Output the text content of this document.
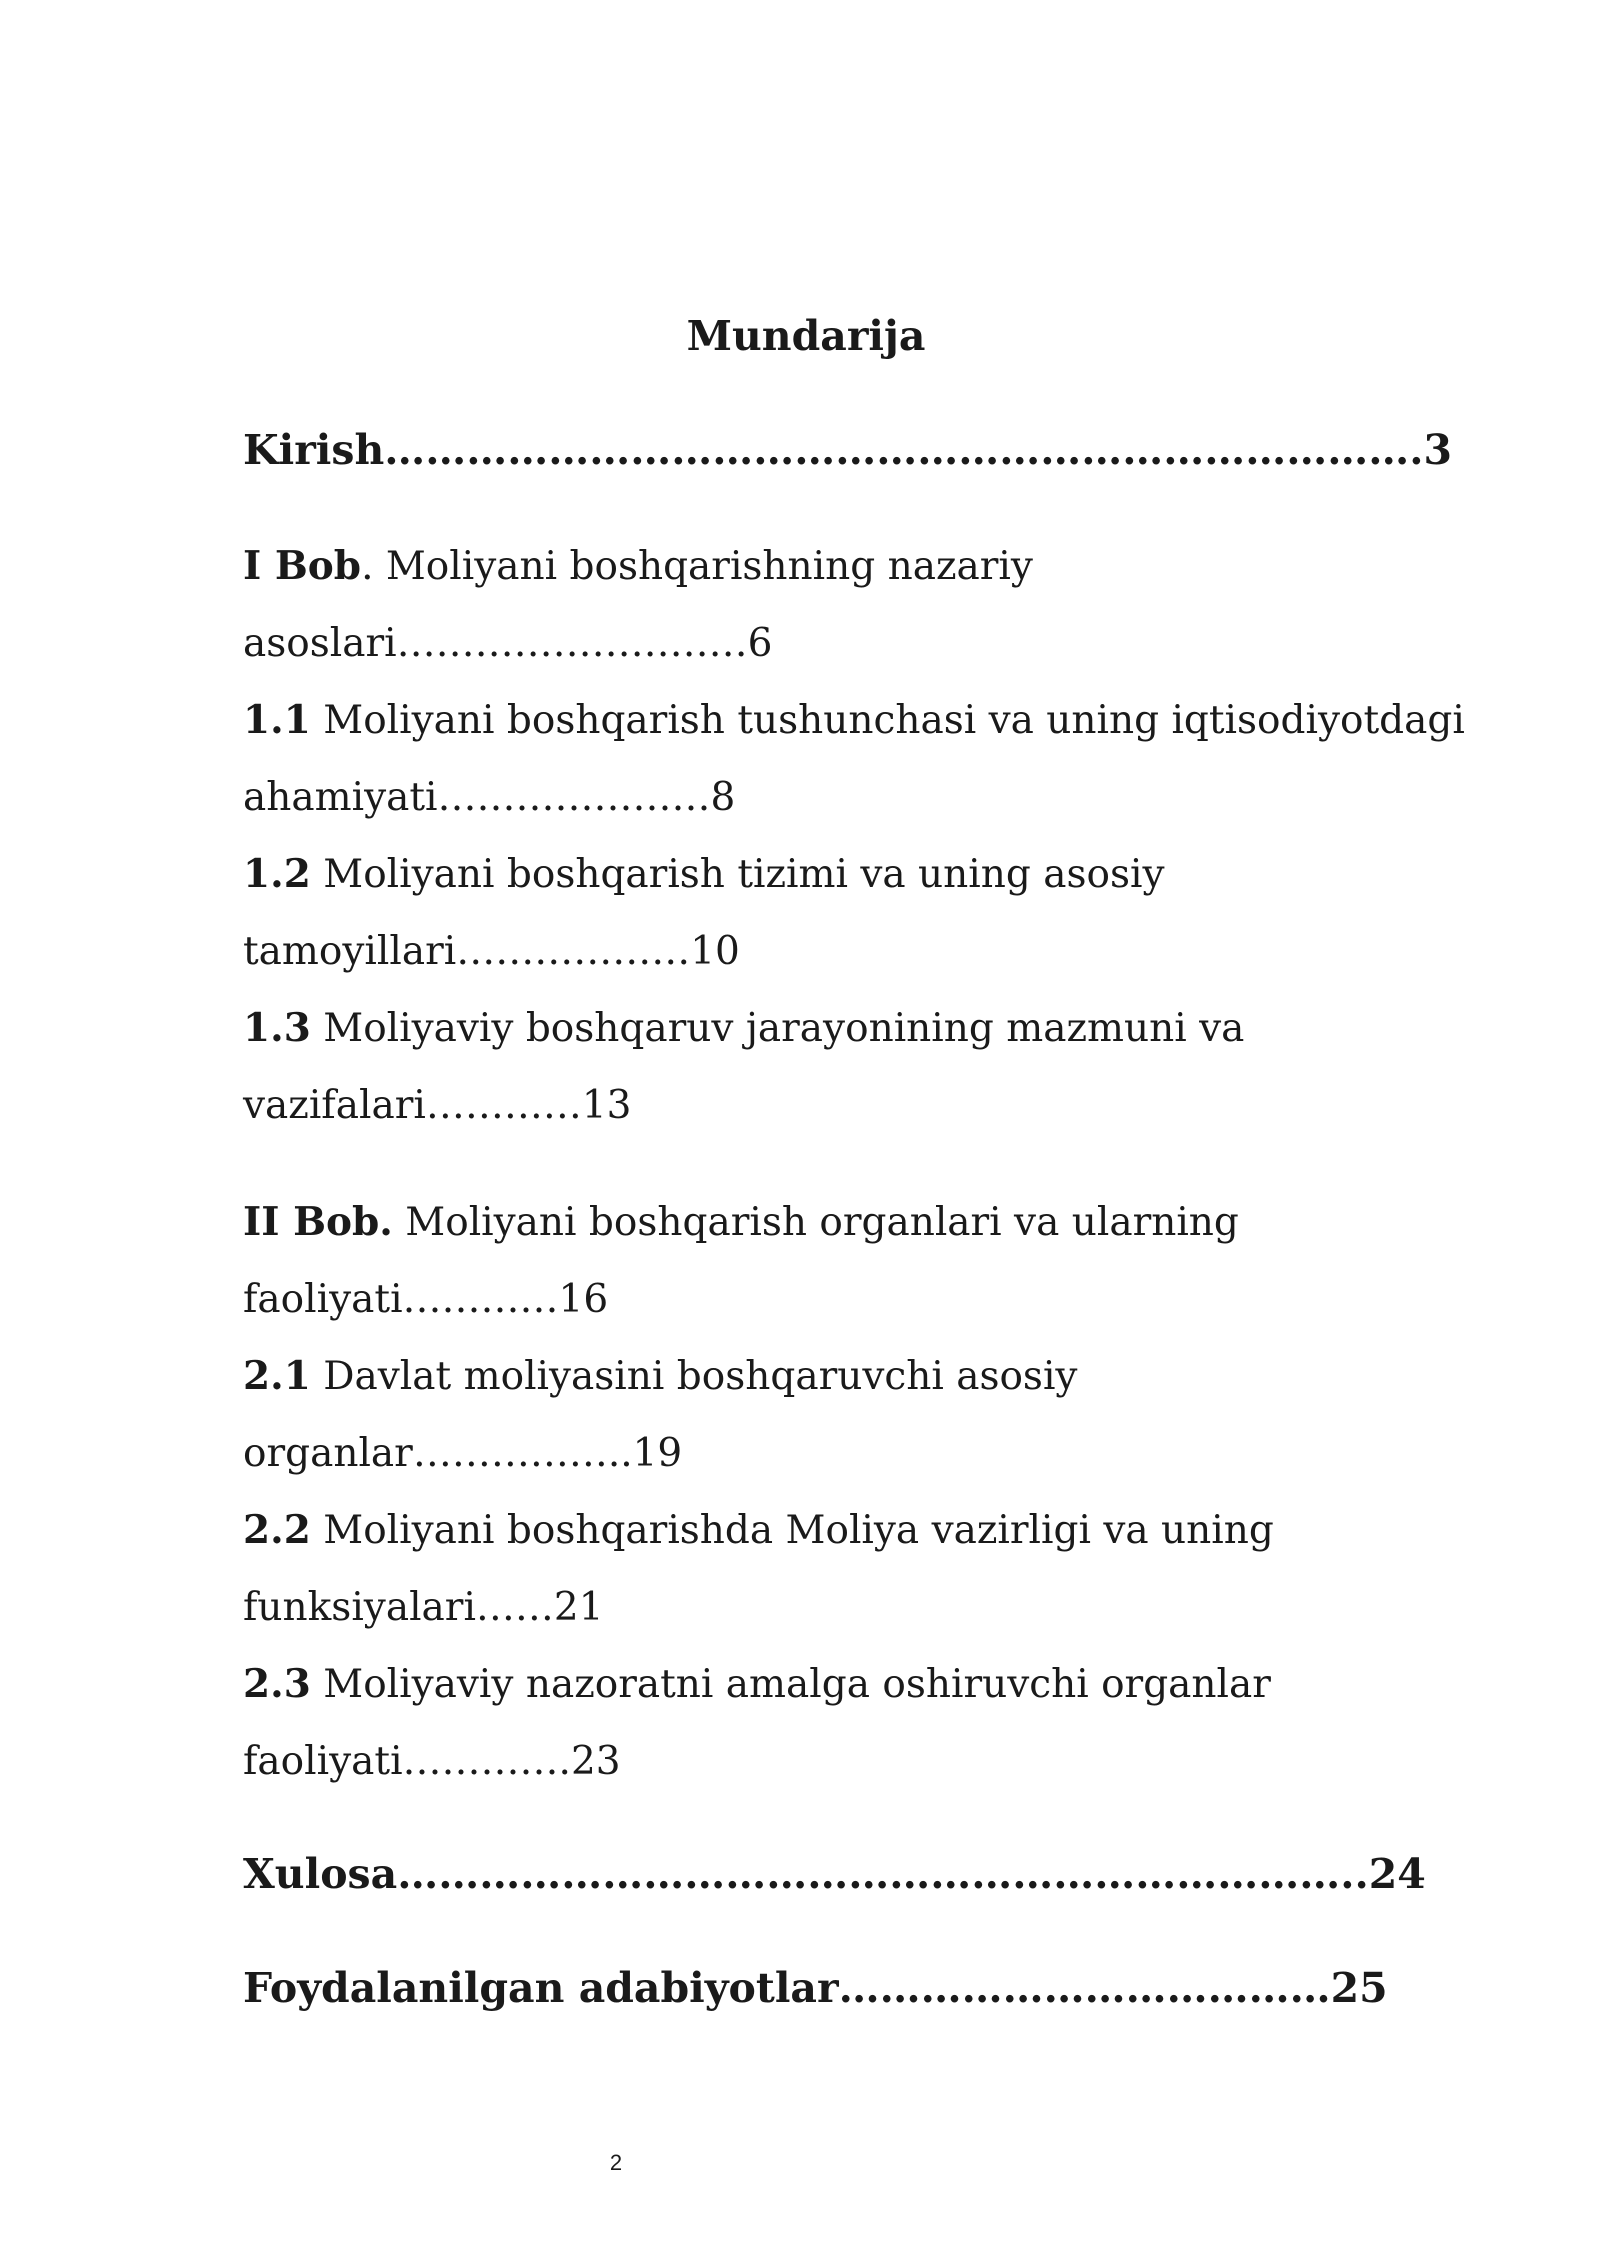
Mundarija
Kirish………………………………………………………………….3
I Bob. Moliyani boshqarishning nazariy
asoslari………………………6
1.1 Moliyani boshqarish tushunchasi va uning iqtisodiyotdagi
ahamiyati…………………8
1.2 Moliyani boshqarish tizimi va uning asosiy
tamoyillari………………10
1.3 Moliyaviy boshqaruv jarayonining mazmuni va
vazifalari…………13
II Bob. Moliyani boshqarish organlari va ularning
faoliyati…………16
2.1 Davlat moliyasini boshqaruvchi asosiy
organlar……………..19
2.2 Moliyani boshqarishda Moliya vazirligi va uning
funksiyalari……21
2.3 Moliyaviy nazoratni amalga oshiruvchi organlar
faoliyati………….23
Xulosa……………………………………………………………..24
Foydalanilgan adabiyotlar………………………………25
2
